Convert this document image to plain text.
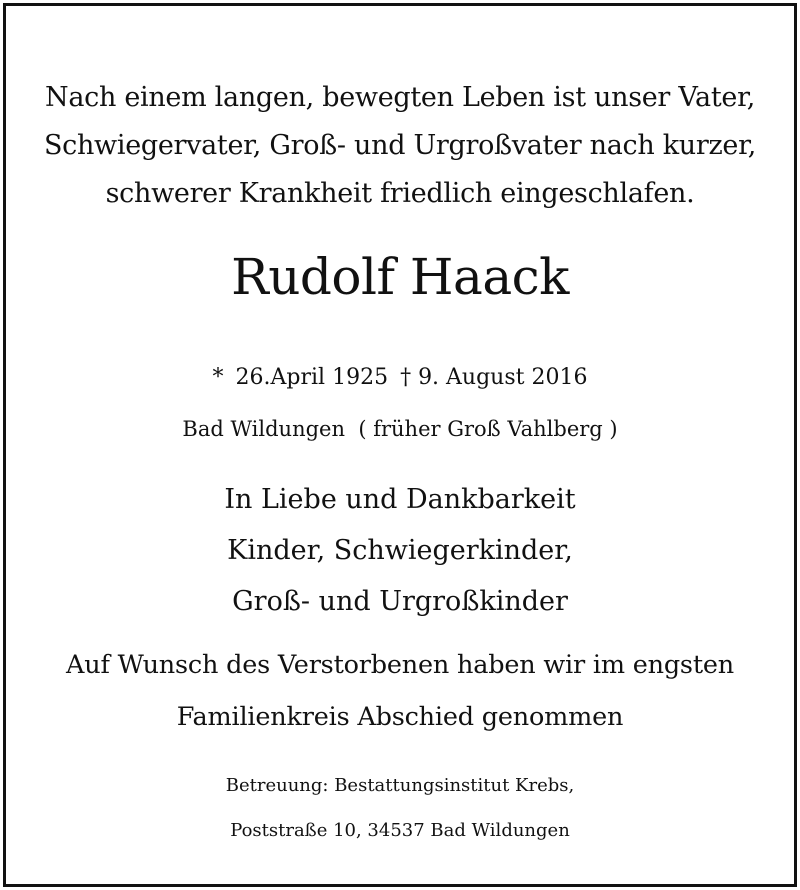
Nach einem langen, bewegten Leben ist unser Vater,
Schwiegervater, Groß- und Urgroßvater nach kurzer,
schwerer Krankheit friedlich eingeschlafen.
Rudolf Haack
* 26.April 1925 † 9. August 2016
Bad Wildungen  ( früher Groß Vahlberg )
In Liebe und Dankbarkeit
Kinder, Schwiegerkinder,
Groß- und Urgroßkinder
Auf Wunsch des Verstorbenen haben wir im engsten
Familienkreis Abschied genommen
Betreuung: Bestattungsinstitut Krebs,
Poststraße 10, 34537 Bad Wildungen
